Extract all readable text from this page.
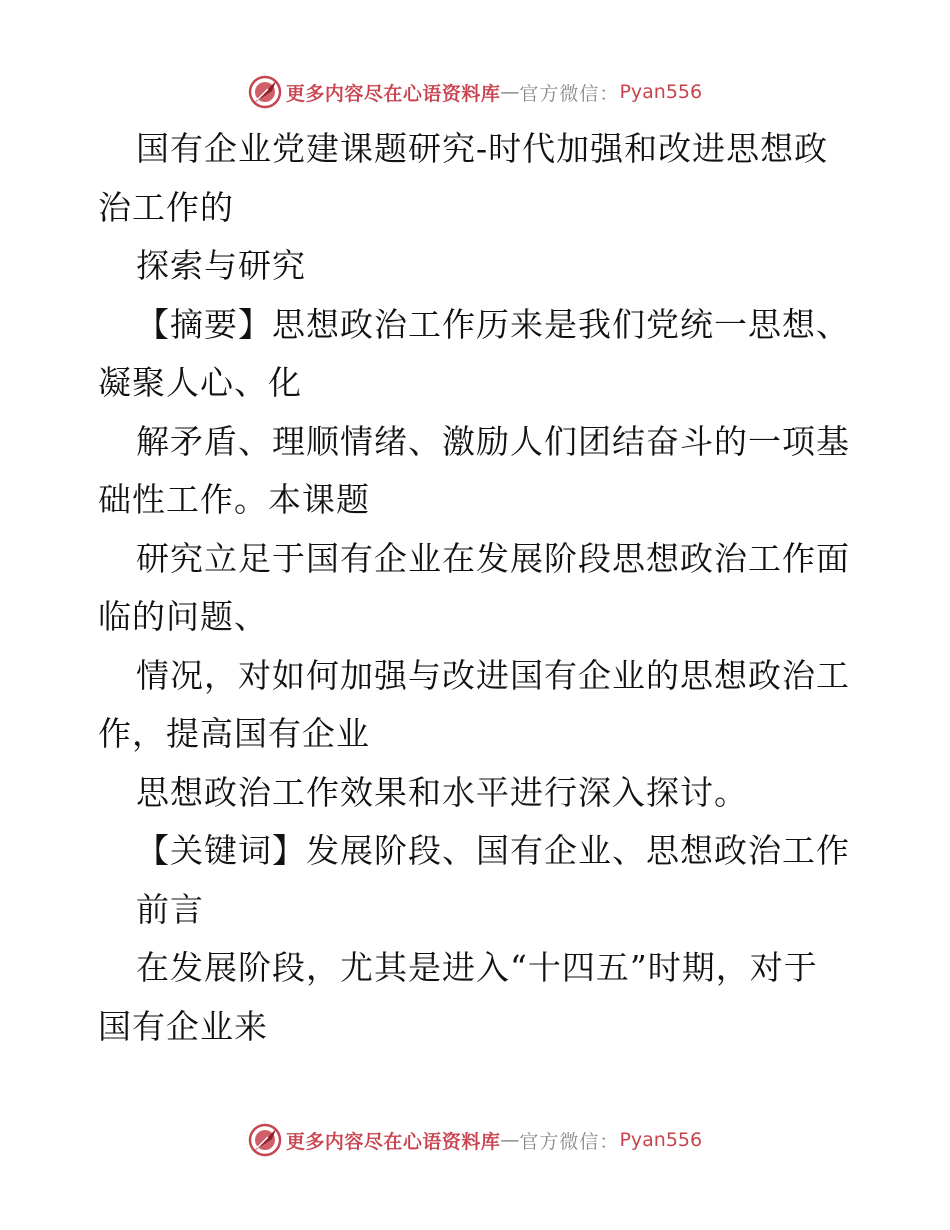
更多内容尽在心语资料库 — 官方微信： Pyan556
国有企业党建课题研究-时代加强和改进思想政
治工作的
探索与研究
【摘要】思想政治工作历来是我们党统一思想、
凝聚人心、化
解矛盾、理顺情绪、激励人们团结奋斗的一项基
础性工作。本课题
研究立足于国有企业在发展阶段思想政治工作面
临的问题、
情况，对如何加强与改进国有企业的思想政治工
作，提高国有企业
思想政治工作效果和水平进行深入探讨。
【关键词】发展阶段、国有企业、思想政治工作
前言
在发展阶段，尤其是进入“十四五”时期，对于
国有企业来
更多内容尽在心语资料库 — 官方微信： Pyan556
